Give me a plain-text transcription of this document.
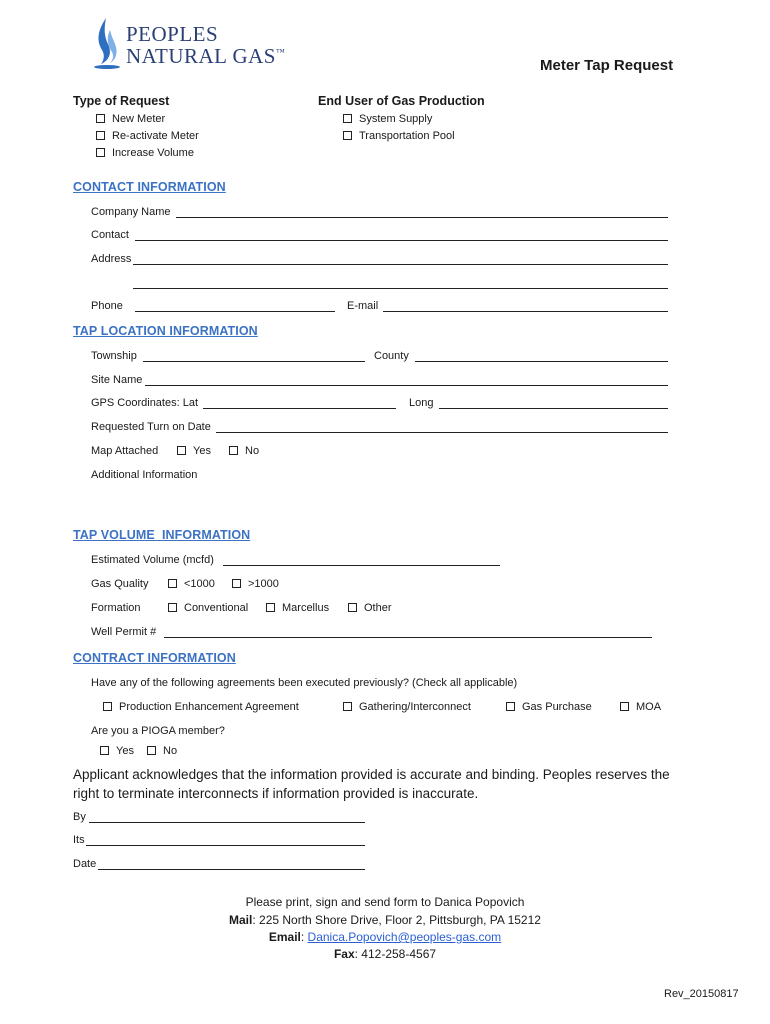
PEOPLES
NATURAL GAS™
Meter Tap Request
Type of Request
New Meter
Re-activate Meter
Increase Volume
End User of Gas Production
System Supply
Transportation Pool
CONTACT INFORMATION
Company Name
Contact
Address
Phone	E-mail
TAP LOCATION INFORMATION
Township	County
Site Name
GPS Coordinates: Lat	Long
Requested Turn on Date
Map Attached	Yes	No
Additional Information
TAP VOLUME  INFORMATION
Estimated Volume (mcfd)
Gas Quality	<1000	>1000
Formation	Conventional	Marcellus	Other
Well Permit #
CONTRACT INFORMATION
Have any of the following agreements been executed previously? (Check all applicable)
Production Enhancement Agreement	Gathering/Interconnect	Gas Purchase	MOA
Are you a PIOGA member?
Yes	No
Applicant acknowledges that the information provided is accurate and binding. Peoples reserves the right to terminate interconnects if information provided is inaccurate.
By
Its
Date
Please print, sign and send form to Danica Popovich
Mail: 225 North Shore Drive, Floor 2, Pittsburgh, PA 15212
Email: Danica.Popovich@peoples-gas.com
Fax: 412-258-4567
Rev_20150817
